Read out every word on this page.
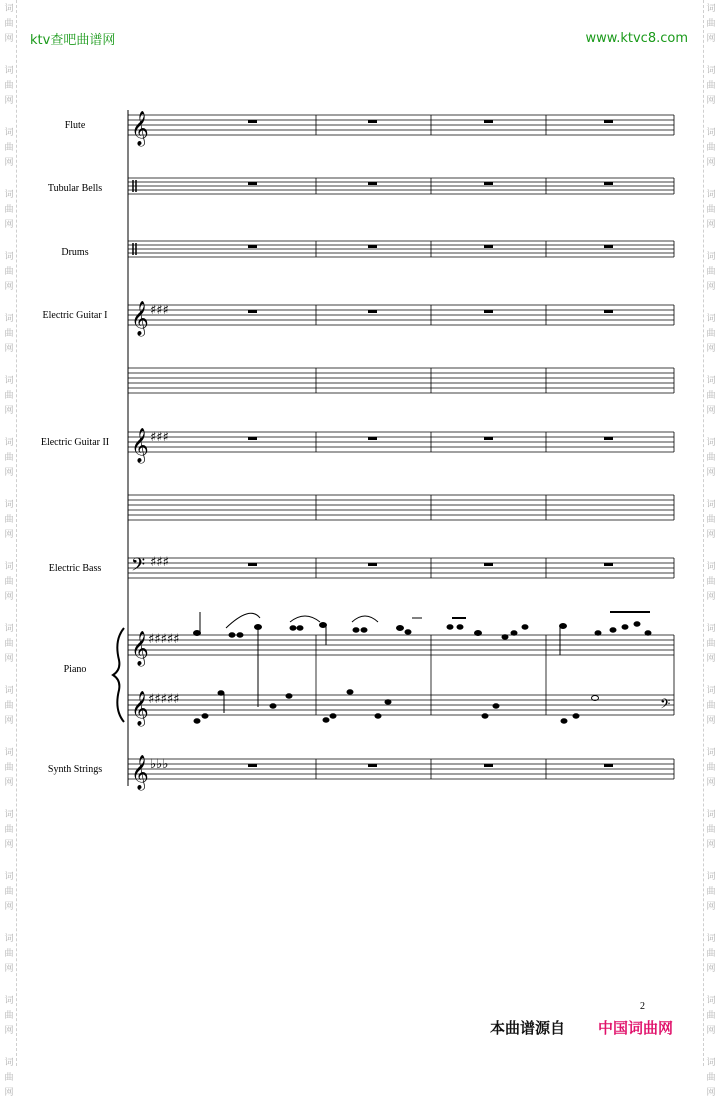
词
曲
网
词
曲
网
词
曲
网
词
曲
网
词
曲
网
词
曲
网
词
曲
网
词
曲
网
词
曲
网
词
曲
网
词
曲
网
词
曲
网
词
曲
网
词
曲
网
词
曲
网
词
曲
网
词
曲
网
词
曲
网
词
曲
网
词
曲
网
词
曲
网
词
曲
网
词
曲
网
词
曲
网
词
曲
网
词
曲
网
词
曲
网
词
曲
网
词
曲
网
词
曲
网
词
曲
网
词
曲
网
词
曲
网
词
曲
网
词
曲
网
词
曲
网
ktv查吧曲谱网	www.ktvc8.com
Flute
Tubular Bells
Drums
Electric Guitar I
Electric Guitar II
Electric Bass
Piano
Synth Strings
𝄞
𝄞 ♯♯♯
𝄞 ♯♯♯
𝄢 ♯♯♯
𝄞 ♯♯♯♯♯
𝄞 ♯♯♯♯♯
𝄞 ♭♭♭
𝄢
2
本曲谱源自 中国词曲网
